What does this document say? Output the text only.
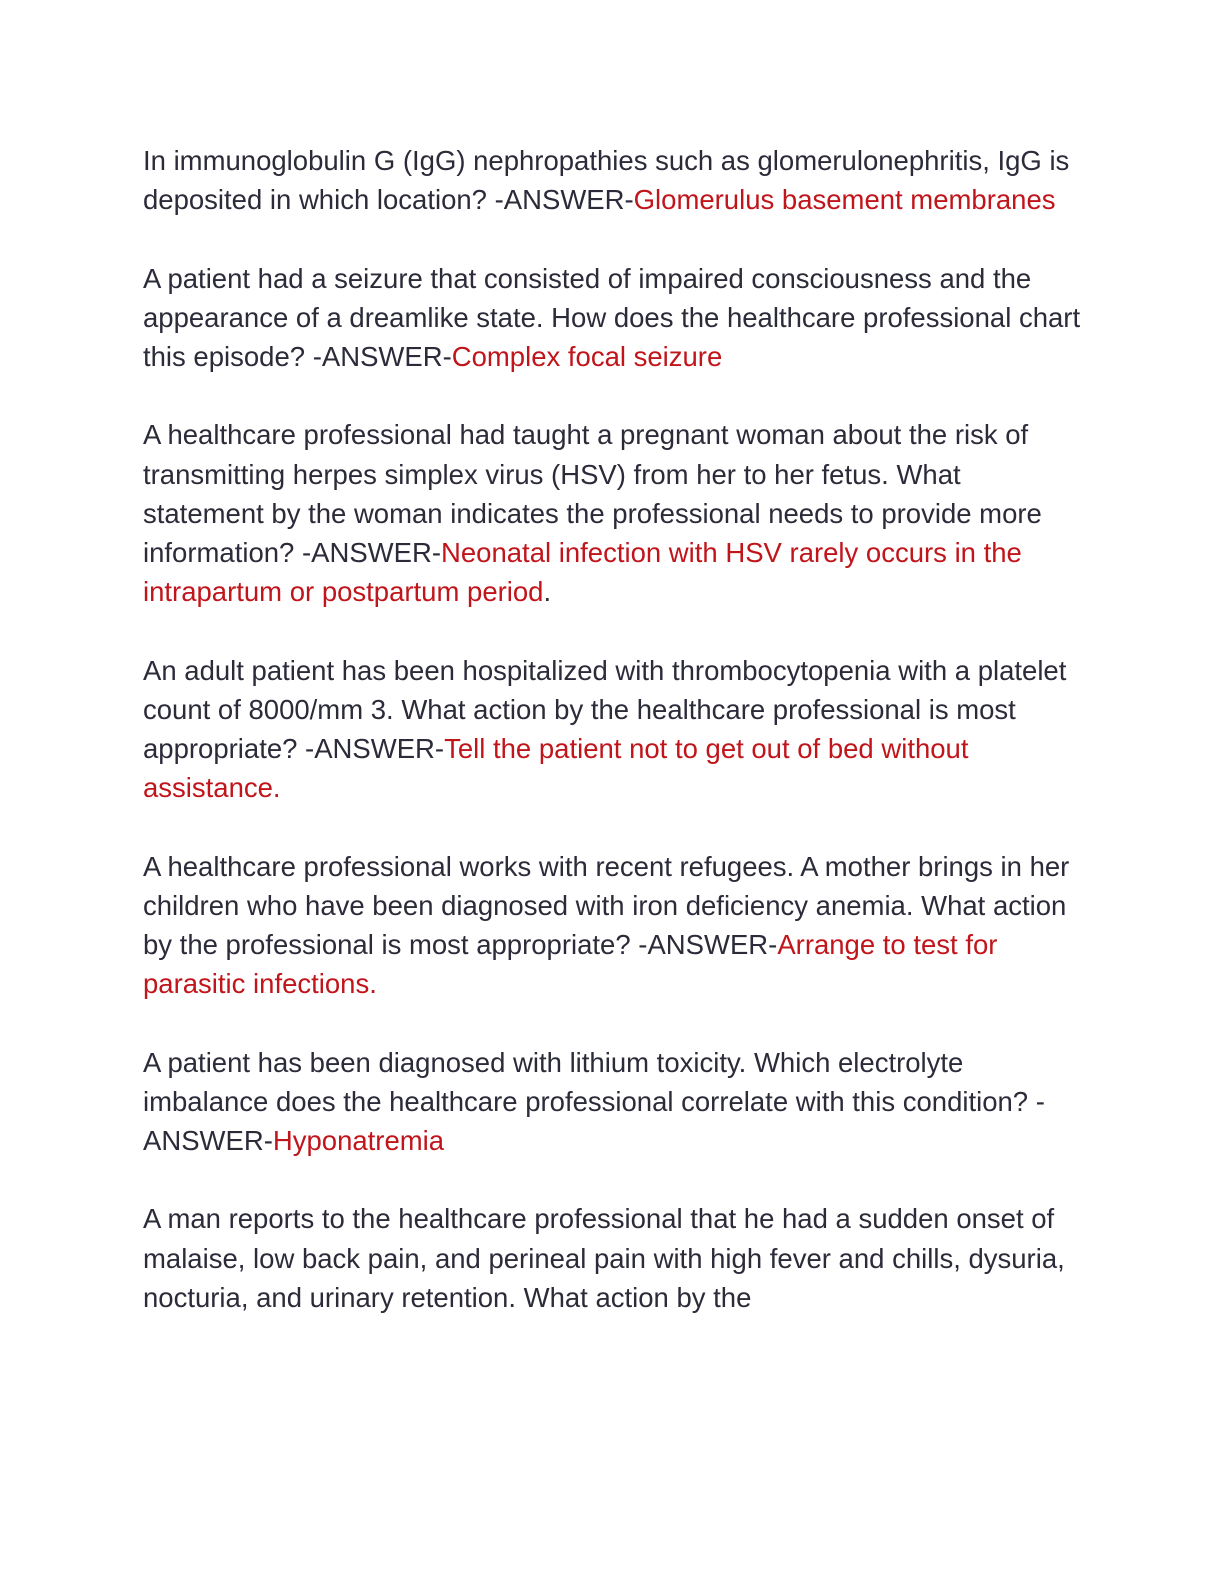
In immunoglobulin G (IgG) nephropathies such as glomerulonephritis, IgG is deposited in which location? -ANSWER-Glomerulus basement membranes

A patient had a seizure that consisted of impaired consciousness and the appearance of a dreamlike state. How does the healthcare professional chart this episode? -ANSWER-Complex focal seizure

A healthcare professional had taught a pregnant woman about the risk of transmitting herpes simplex virus (HSV) from her to her fetus. What statement by the woman indicates the professional needs to provide more information? -ANSWER-Neonatal infection with HSV rarely occurs in the intrapartum or postpartum period.

An adult patient has been hospitalized with thrombocytopenia with a platelet count of 8000/mm 3. What action by the healthcare professional is most appropriate? -ANSWER-Tell the patient not to get out of bed without assistance.

A healthcare professional works with recent refugees. A mother brings in her children who have been diagnosed with iron deficiency anemia. What action by the professional is most appropriate? -ANSWER-Arrange to test for parasitic infections.

A patient has been diagnosed with lithium toxicity. Which electrolyte imbalance does the healthcare professional correlate with this condition? -ANSWER-Hyponatremia

A man reports to the healthcare professional that he had a sudden onset of malaise, low back pain, and perineal pain with high fever and chills, dysuria, nocturia, and urinary retention. What action by the
